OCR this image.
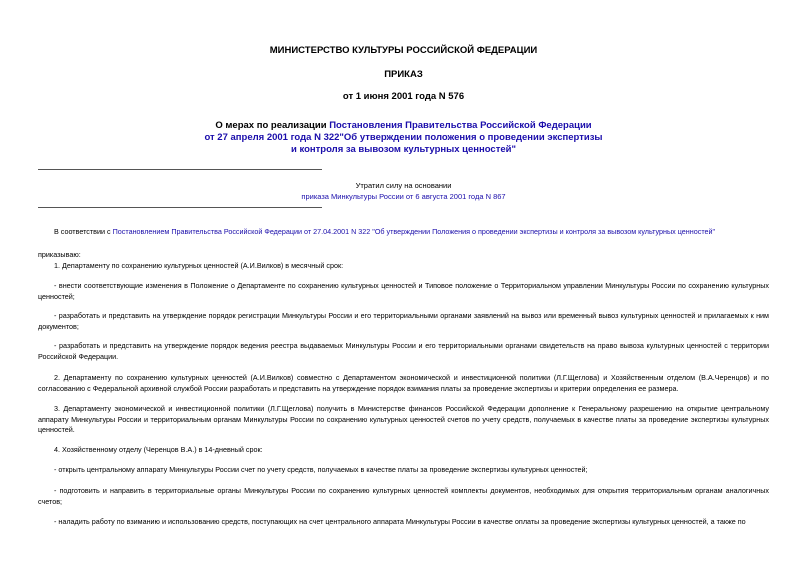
МИНИСТЕРСТВО КУЛЬТУРЫ РОССИЙСКОЙ ФЕДЕРАЦИИ
ПРИКАЗ
от 1 июня 2001 года N 576
О мерах по реализации Постановления Правительства Российской Федерации
от 27 апреля 2001 года N 322"Об утверждении положения о проведении экспертизы
и контроля за вывозом культурных ценностей"
Утратил силу на основании
приказа Минкультуры России от 6 августа 2001 года N 867
В соответствии с Постановлением Правительства Российской Федерации от 27.04.2001 N 322 "Об утверждении Положения о проведении экспертизы и контроля за вывозом культурных ценностей"
приказываю:
1. Департаменту по сохранению культурных ценностей (А.И.Вилков) в месячный срок:
- внести соответствующие изменения в Положение о Департаменте по сохранению культурных ценностей и Типовое положение о Территориальном управлении Минкультуры России по сохранению культурных ценностей;
- разработать и представить на утверждение порядок регистрации Минкультуры России и его территориальными органами заявлений на вывоз или временный вывоз культурных ценностей и прилагаемых к ним документов;
- разработать и представить на утверждение порядок ведения реестра выдаваемых Минкультуры России и его территориальными органами свидетельств на право вывоза культурных ценностей с территории Российской Федерации.
2. Департаменту по сохранению культурных ценностей (А.И.Вилков) совместно с Департаментом экономической и инвестиционной политики (Л.Г.Щеглова) и Хозяйственным отделом (В.А.Черенцов) и по согласованию с Федеральной архивной службой России разработать и представить на утверждение порядок взимания платы за проведение экспертизы и критерии определения ее размера.
3. Департаменту экономической и инвестиционной политики (Л.Г.Щеглова) получить в Министерстве финансов Российской Федерации дополнение к Генеральному разрешению на открытие центральному аппарату Минкультуры России и территориальным органам Минкультуры России по сохранению культурных ценностей счетов по учету средств, получаемых в качестве платы за проведение экспертизы культурных ценностей.
4. Хозяйственному отделу (Черенцов В.А.) в 14-дневный срок:
- открыть центральному аппарату Минкультуры России счет по учету средств, получаемых в качестве платы за проведение экспертизы культурных ценностей;
- подготовить и направить в территориальные органы Минкультуры России по сохранению культурных ценностей комплекты документов, необходимых для открытия территориальным органам аналогичных счетов;
- наладить работу по взиманию и использованию средств, поступающих на счет центрального аппарата Минкультуры России в качестве оплаты за проведение экспертизы культурных ценностей, а также по
